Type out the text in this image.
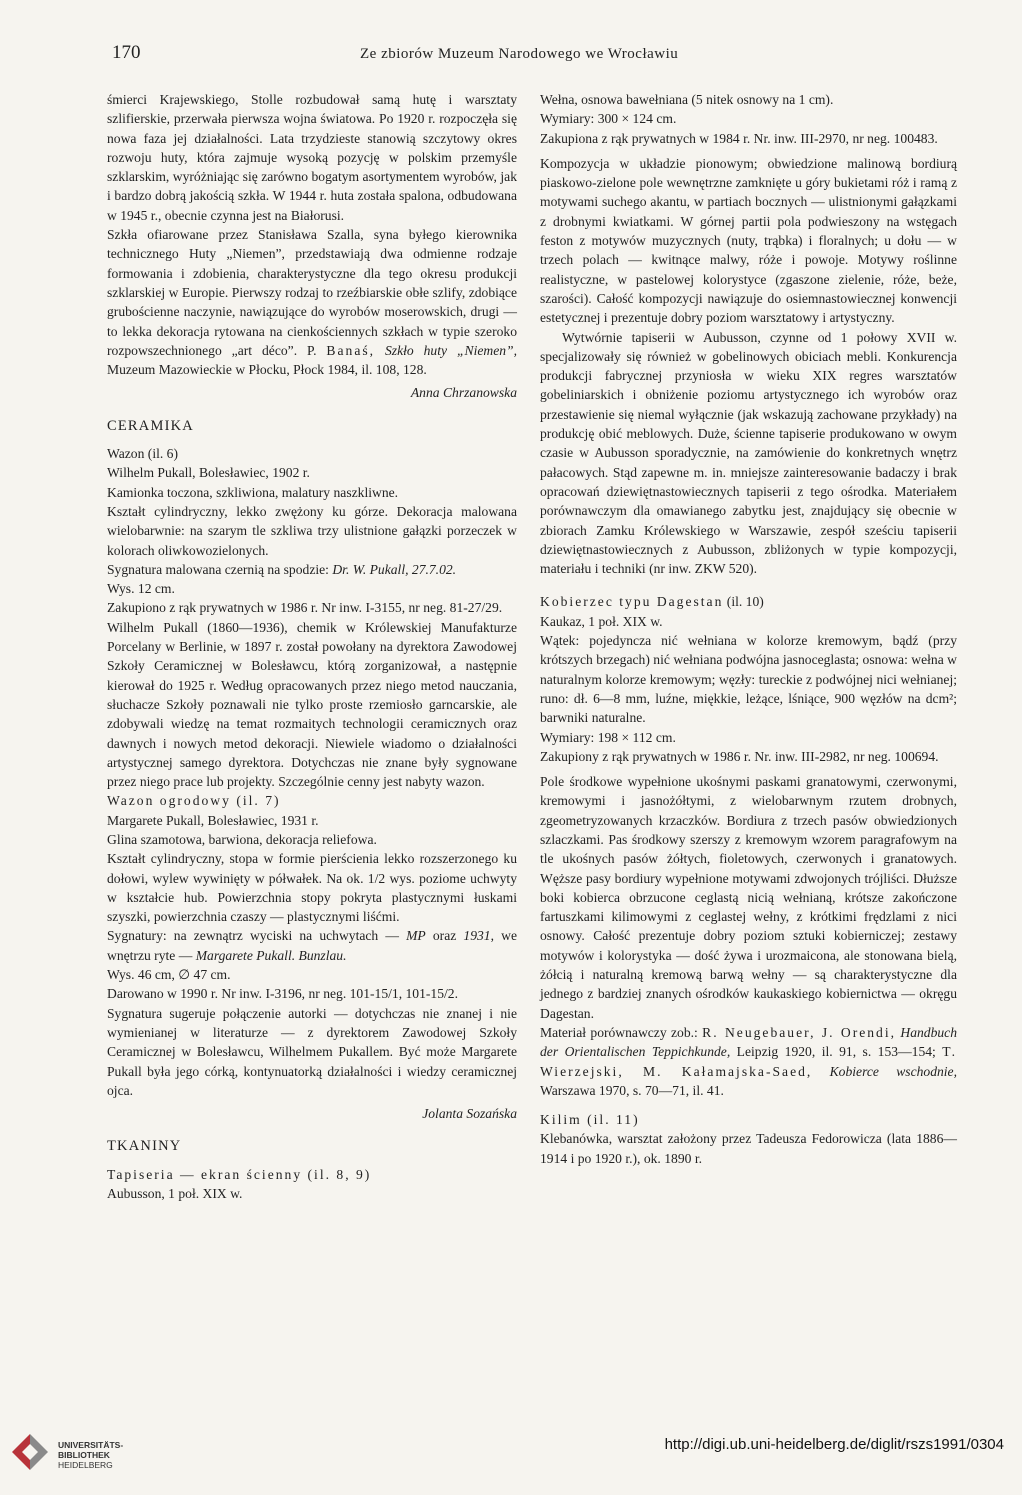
170	Ze zbiorów Muzeum Narodowego we Wrocławiu

śmierci Krajewskiego, Stolle rozbudował samą hutę i warsztaty szlifierskie, przerwała pierwsza wojna światowa. Po 1920 r. rozpoczęła się nowa faza jej działalności. Lata trzydzieste stanowią szczytowy okres rozwoju huty, która zajmuje wysoką pozycję w polskim przemyśle szklarskim, wyróżniając się zarówno bogatym asortymentem wyrobów, jak i bardzo dobrą jakością szkła. W 1944 r. huta została spalona, odbudowana w 1945 r., obecnie czynna jest na Białorusi.

Szkła ofiarowane przez Stanisława Szalla, syna byłego kierownika technicznego Huty „Niemen”, przedstawiają dwa odmienne rodzaje formowania i zdobienia, charakterystyczne dla tego okresu produkcji szklarskiej w Europie. Pierwszy rodzaj to rzeźbiarskie obłe szlify, zdobiące grubościenne naczynie, nawiązujące do wyrobów moserowskich, drugi — to lekka dekoracja rytowana na cienkościennych szkłach w typie szeroko rozpowszechnionego „art déco”. P. Banaś, Szkło huty „Niemen”, Muzeum Mazowieckie w Płocku, Płock 1984, il. 108, 128.

Anna Chrzanowska
CERAMIKA

Wazon (il. 6)

Wilhelm Pukall, Bolesławiec, 1902 r.

Kamionka toczona, szkliwiona, malatury naszkliwne.

Kształt cylindryczny, lekko zwężony ku górze. Dekoracja malowana wielobarwnie: na szarym tle szkliwa trzy ulistnione gałązki porzeczek w kolorach oliwkowozielonych.

Sygnatura malowana czernią na spodzie: Dr. W. Pukall, 27.7.02.

Wys. 12 cm.

Zakupiono z rąk prywatnych w 1986 r. Nr inw. I-3155, nr neg. 81-27/29.

Wilhelm Pukall (1860—1936), chemik w Królewskiej Manufakturze Porcelany w Berlinie, w 1897 r. został powołany na dyrektora Zawodowej Szkoły Ceramicznej w Bolesławcu, którą zorganizował, a następnie kierował do 1925 r. Według opracowanych przez niego metod nauczania, słuchacze Szkoły poznawali nie tylko proste rzemiosło garncarskie, ale zdobywali wiedzę na temat rozmaitych technologii ceramicznych oraz dawnych i nowych metod dekoracji. Niewiele wiadomo o działalności artystycznej samego dyrektora. Dotychczas nie znane były sygnowane przez niego prace lub projekty. Szczególnie cenny jest nabyty wazon.

Wazon ogrodowy (il. 7)

Margarete Pukall, Bolesławiec, 1931 r.

Glina szamotowa, barwiona, dekoracja reliefowa.

Kształt cylindryczny, stopa w formie pierścienia lekko rozszerzonego ku dołowi, wylew wywinięty w półwałek. Na ok. 1/2 wys. poziome uchwyty w kształcie hub. Powierzchnia stopy pokryta plastycznymi łuskami szyszki, powierzchnia czaszy — plastycznymi liśćmi.

Sygnatury: na zewnątrz wyciski na uchwytach — MP oraz 1931, we wnętrzu ryte — Margarete Pukall. Bunzlau.

Wys. 46 cm, ∅ 47 cm.

Darowano w 1990 r. Nr inw. I-3196, nr neg. 101-15/1, 101-15/2.

Sygnatura sugeruje połączenie autorki — dotychczas nie znanej i nie wymienianej w literaturze — z dyrektorem Zawodowej Szkoły Ceramicznej w Bolesławcu, Wilhelmem Pukallem. Być może Margarete Pukall była jego córką, kontynuatorką działalności i wiedzy ceramicznej ojca.

Jolanta Sozańska
TKANINY

Tapiseria — ekran ścienny (il. 8, 9)

Aubusson, 1 poł. XIX w.

Wełna, osnowa bawełniana (5 nitek osnowy na 1 cm).

Wymiary: 300 × 124 cm.

Zakupiona z rąk prywatnych w 1984 r. Nr. inw. III-2970, nr neg. 100483.

Kompozycja w układzie pionowym; obwiedzione malinową bordiurą piaskowo-zielone pole wewnętrzne zamknięte u góry bukietami róż i ramą z motywami suchego akantu, w partiach bocznych — ulistnionymi gałązkami z drobnymi kwiatkami. W górnej partii pola podwieszony na wstęgach feston z motywów muzycznych (nuty, trąbka) i floralnych; u dołu — w trzech polach — kwitnące malwy, róże i powoje. Motywy roślinne realistyczne, w pastelowej kolorystyce (zgaszone zielenie, róże, beże, szarości). Całość kompozycji nawiązuje do osiemnastowiecznej konwencji estetycznej i prezentuje dobry poziom warsztatowy i artystyczny.

Wytwórnie tapiserii w Aubusson, czynne od 1 połowy XVII w. specjalizowały się również w gobelinowych obiciach mebli. Konkurencja produkcji fabrycznej przyniosła w wieku XIX regres warsztatów gobeliniarskich i obniżenie poziomu artystycznego ich wyrobów oraz przestawienie się niemal wyłącznie (jak wskazują zachowane przykłady) na produkcję obić meblowych. Duże, ścienne tapiserie produkowano w owym czasie w Aubusson sporadycznie, na zamówienie do konkretnych wnętrz pałacowych. Stąd zapewne m. in. mniejsze zainteresowanie badaczy i brak opracowań dziewiętnastowiecznych tapiserii z tego ośrodka. Materiałem porównawczym dla omawianego zabytku jest, znajdujący się obecnie w zbiorach Zamku Królewskiego w Warszawie, zespół sześciu tapiserii dziewiętnastowiecznych z Aubusson, zbliżonych w typie kompozycji, materiału i techniki (nr inw. ZKW 520).

Kobierzec typu Dagestan (il. 10)

Kaukaz, 1 poł. XIX w.

Wątek: pojedyncza nić wełniana w kolorze kremowym, bądź (przy krótszych brzegach) nić wełniana podwójna jasnoceglasta; osnowa: wełna w naturalnym kolorze kremowym; węzły: tureckie z podwójnej nici wełnianej; runo: dł. 6—8 mm, luźne, miękkie, leżące, lśniące, 900 węzłów na dcm²; barwniki naturalne.

Wymiary: 198 × 112 cm.

Zakupiony z rąk prywatnych w 1986 r. Nr. inw. III-2982, nr neg. 100694.

Pole środkowe wypełnione ukośnymi paskami granatowymi, czerwonymi, kremowymi i jasnożółtymi, z wielobarwnym rzutem drobnych, zgeometryzowanych krzaczków. Bordiura z trzech pasów obwiedzionych szlaczkami. Pas środkowy szerszy z kremowym wzorem paragrafowym na tle ukośnych pasów żółtych, fioletowych, czerwonych i granatowych. Węższe pasy bordiury wypełnione motywami zdwojonych trójliści. Dłuższe boki kobierca obrzucone ceglastą nicią wełnianą, krótsze zakończone fartuszkami kilimowymi z ceglastej wełny, z krótkimi frędzlami z nici osnowy. Całość prezentuje dobry poziom sztuki kobierniczej; zestawy motywów i kolorystyka — dość żywa i urozmaicona, ale stonowana bielą, żółcią i naturalną kremową barwą wełny — są charakterystyczne dla jednego z bardziej znanych ośrodków kaukaskiego kobiernictwa — okręgu Dagestan.

Materiał porównawczy zob.: R. Neugebauer, J. Orendi, Handbuch der Orientalischen Teppichkunde, Leipzig 1920, il. 91, s. 153—154; T. Wierzejski, M. Kałamajska-Saed, Kobierce wschodnie, Warszawa 1970, s. 70—71, il. 41.

Kilim (il. 11)

Klebanówka, warsztat założony przez Tadeusza Fedorowicza (lata 1886—1914 i po 1920 r.), ok. 1890 r.

UNIVERSITÄTS-
BIBLIOTHEK
HEIDELBERG
http://digi.ub.uni-heidelberg.de/diglit/rszs1991/0304
